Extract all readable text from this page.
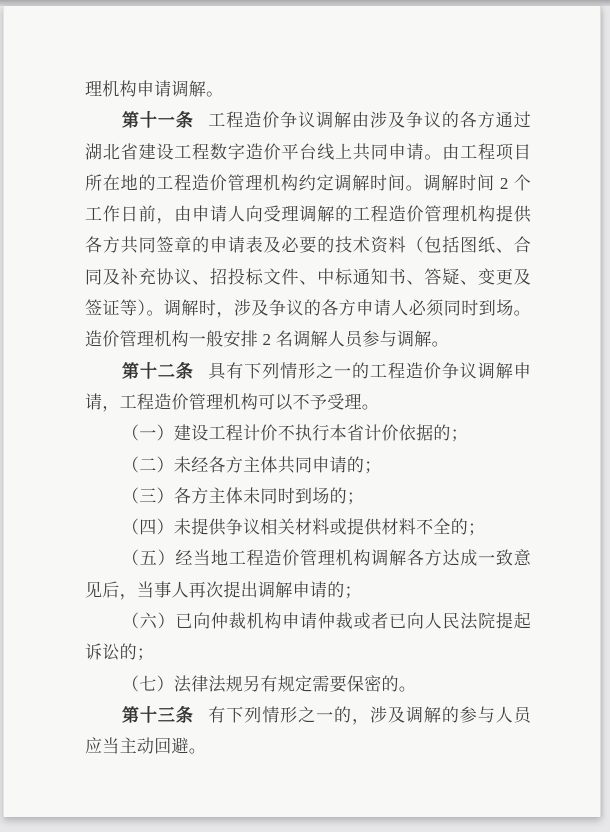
理机构申请调解。

第十一条 工程造价争议调解由涉及争议的各方通过湖北省建设工程数字造价平台线上共同申请。由工程项目所在地的工程造价管理机构约定调解时间。调解时间 2 个工作日前，由申请人向受理调解的工程造价管理机构提供各方共同签章的申请表及必要的技术资料（包括图纸、合同及补充协议、招投标文件、中标通知书、答疑、变更及签证等）。调解时，涉及争议的各方申请人必须同时到场。造价管理机构一般安排 2 名调解人员参与调解。

第十二条 具有下列情形之一的工程造价争议调解申请，工程造价管理机构可以不予受理。

（一）建设工程计价不执行本省计价依据的；

（二）未经各方主体共同申请的；

（三）各方主体未同时到场的；

（四）未提供争议相关材料或提供材料不全的；

（五）经当地工程造价管理机构调解各方达成一致意见后，当事人再次提出调解申请的；

（六）已向仲裁机构申请仲裁或者已向人民法院提起诉讼的；

（七）法律法规另有规定需要保密的。

第十三条 有下列情形之一的，涉及调解的参与人员应当主动回避。
